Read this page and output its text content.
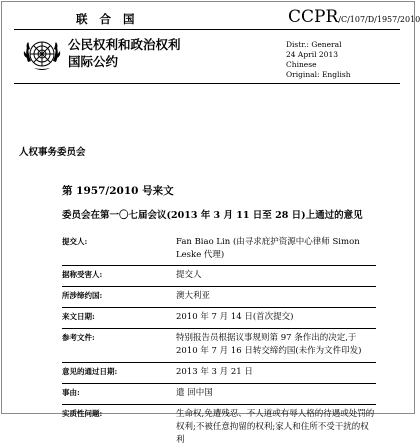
联 合 国	CCPR/C/107/D/1957/2010
公民权利和政治权利
国际公约
Distr.: General
24 April 2013
Chinese
Original: English
人权事务委员会
第 1957/2010 号来文
委员会在第一〇七届会议(2013 年 3 月 11 日至 28 日)上通过的意见
提交人:	Fan Biao Lin (由寻求庇护资源中心律师 Simon Leske 代理)
据称受害人:	提交人
所涉缔约国:	澳大利亚
来文日期:	2010 年 7 月 14 日(首次提交)
参考文件:	特别报告员根据议事规则第 97 条作出的决定,于 2010 年 7 月 16 日转交缔约国(未作为文件印发)
意见的通过日期:	2013 年 3 月 21 日
事由:	遣 回中国
实质性问题:	生命权,免遭残忍、不人道或有辱人格的待遇或处罚的权利;不被任意拘留的权利;家人和住所不受干扰的权利
